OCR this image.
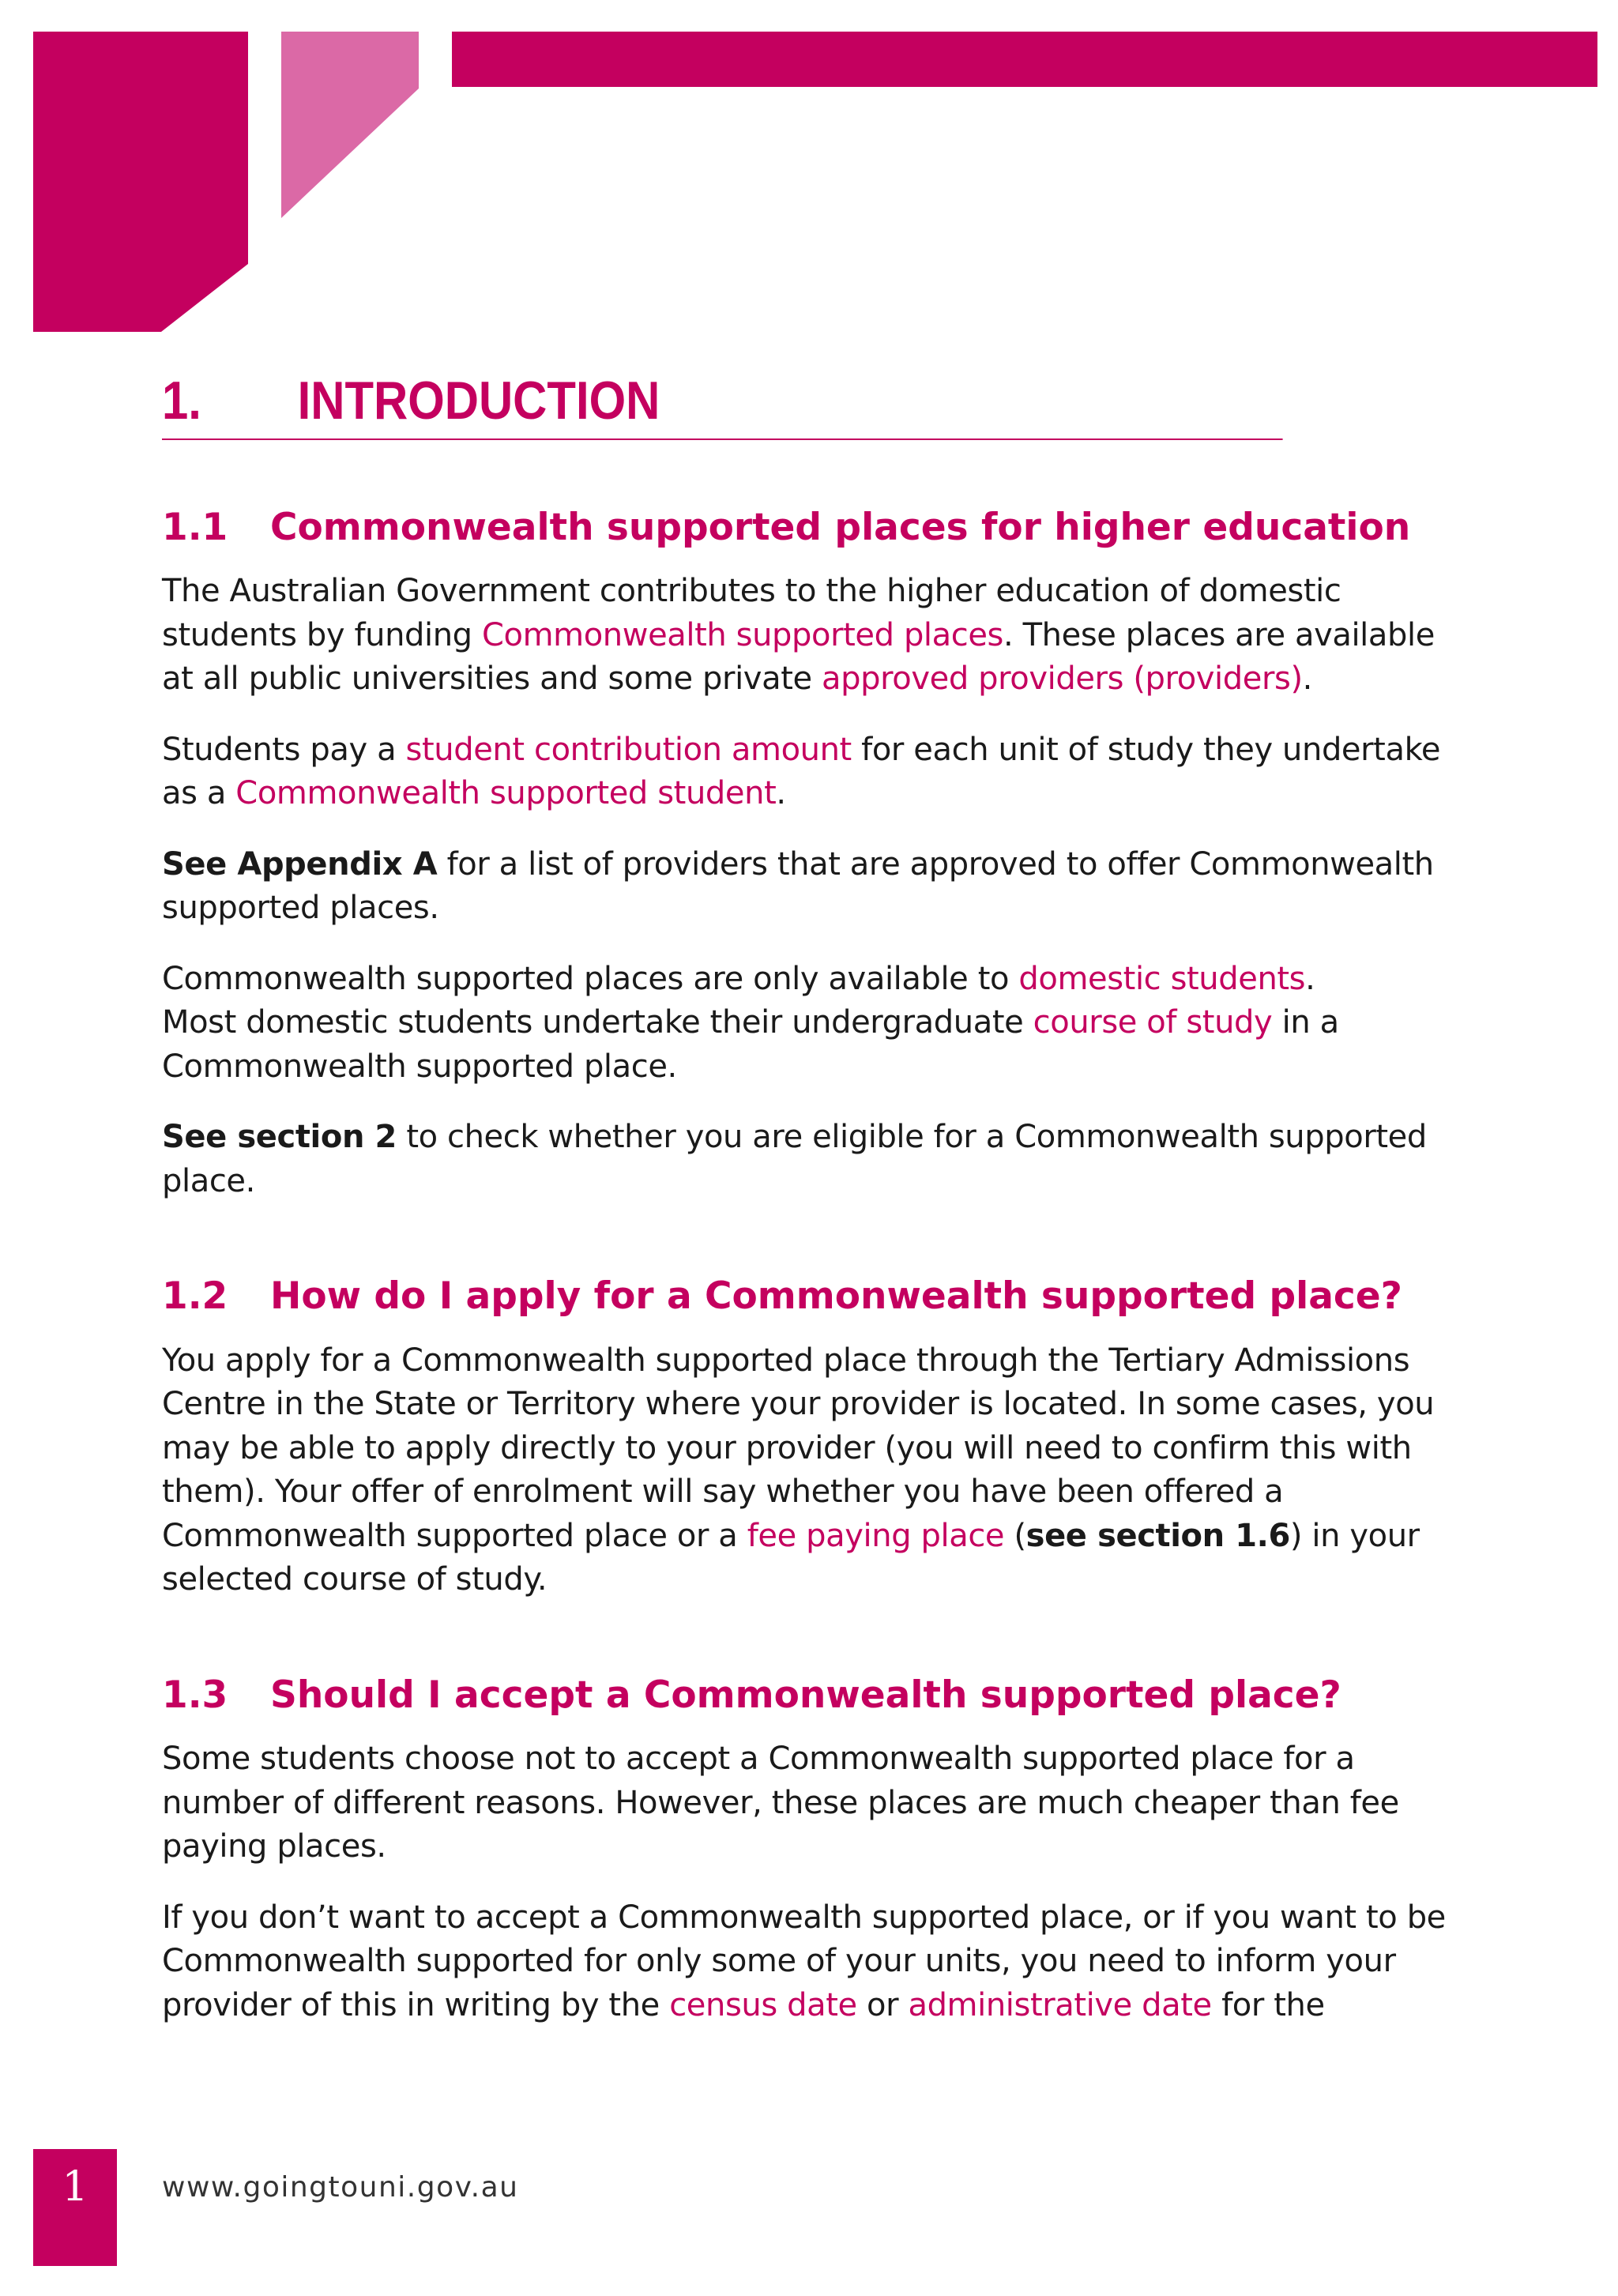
1. INTRODUCTION
1.1 Commonwealth supported places for higher education

The Australian Government contributes to the higher education of domestic students by funding Commonwealth supported places. These places are available at all public universities and some private approved providers (providers).

Students pay a student contribution amount for each unit of study they undertake as a Commonwealth supported student.

See Appendix A for a list of providers that are approved to offer Commonwealth supported places.

Commonwealth supported places are only available to domestic students.
Most domestic students undertake their undergraduate course of study in a Commonwealth supported place.

See section 2 to check whether you are eligible for a Commonwealth supported place.

1.2 How do I apply for a Commonwealth supported place?

You apply for a Commonwealth supported place through the Tertiary Admissions Centre in the State or Territory where your provider is located. In some cases, you may be able to apply directly to your provider (you will need to confirm this with them). Your offer of enrolment will say whether you have been offered a Commonwealth supported place or a fee paying place (see section 1.6) in your selected course of study.

1.3 Should I accept a Commonwealth supported place?

Some students choose not to accept a Commonwealth supported place for a number of different reasons. However, these places are much cheaper than fee paying places.

If you don’t want to accept a Commonwealth supported place, or if you want to be Commonwealth supported for only some of your units, you need to inform your provider of this in writing by the census date or administrative date for the

1	www.goingtouni.gov.au
